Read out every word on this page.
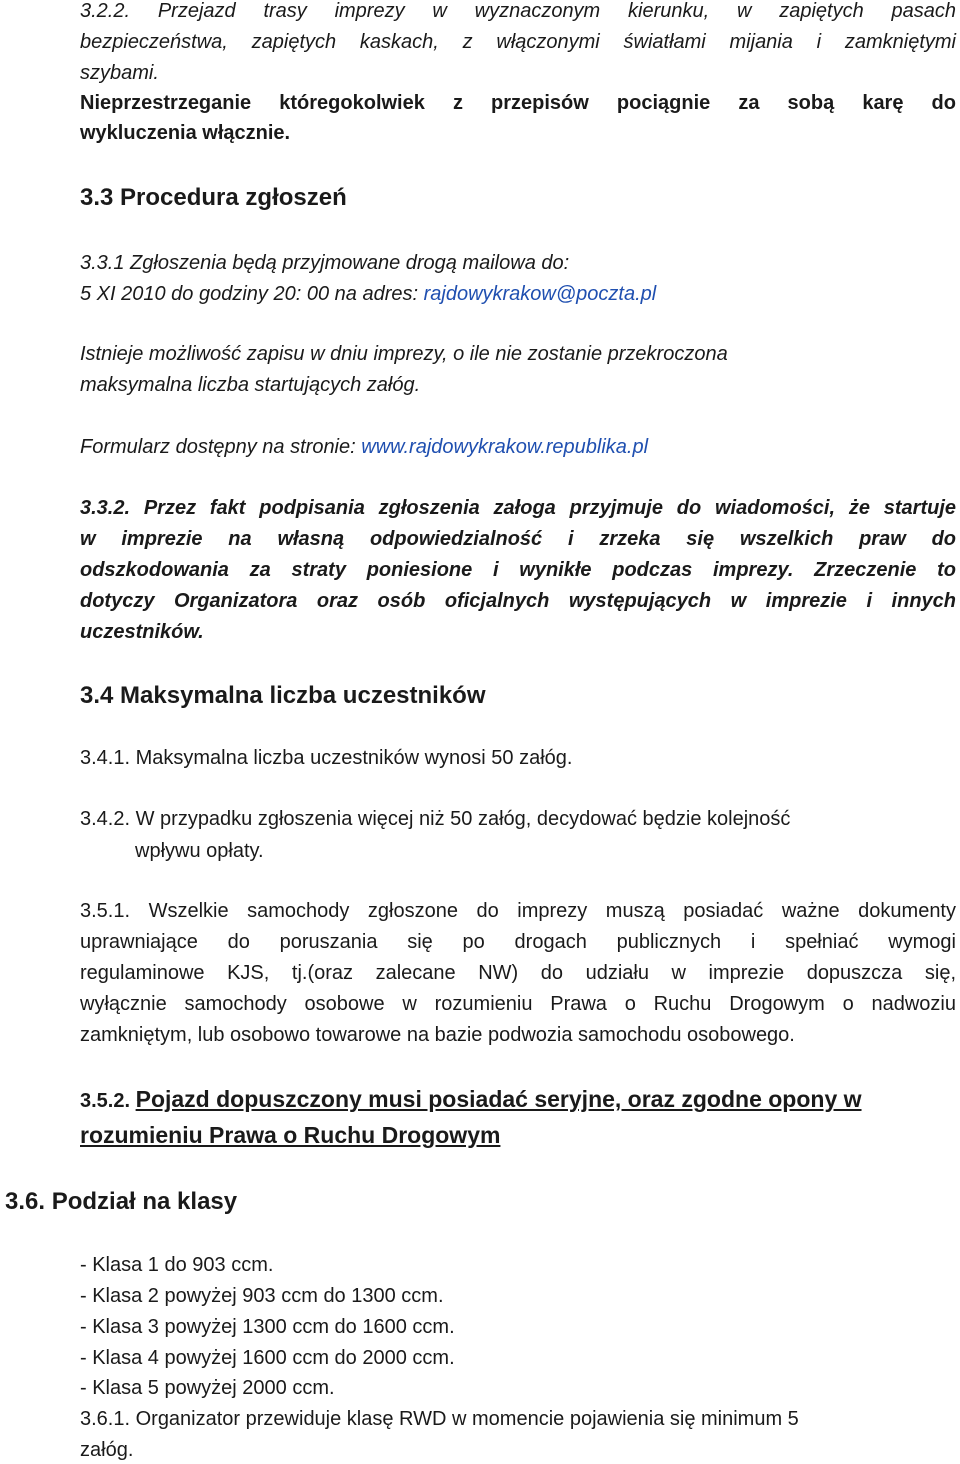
3.2.2. Przejazd trasy imprezy w wyznaczonym kierunku, w zapiętych pasach

bezpieczeństwa, zapiętych kaskach, z włączonymi światłami mijania i zamkniętymi

szybami.

Nieprzestrzeganie któregokolwiek z przepisów pociągnie za sobą karę do

wykluczenia włącznie.

3.3 Procedura zgłoszeń

3.3.1 Zgłoszenia będą przyjmowane drogą mailowa do:

5 XI 2010 do godziny 20: 00 na adres: rajdowykrakow@poczta.pl

Istnieje możliwość zapisu w dniu imprezy, o ile nie zostanie przekroczona

maksymalna liczba startujących załóg.

Formularz dostępny na stronie: www.rajdowykrakow.republika.pl

3.3.2. Przez fakt podpisania zgłoszenia załoga przyjmuje do wiadomości, że startuje

w imprezie na własną odpowiedzialność i zrzeka się wszelkich praw do

odszkodowania za straty poniesione i wynikłe podczas imprezy. Zrzeczenie to

dotyczy Organizatora oraz osób oficjalnych występujących w imprezie i innych

uczestników.

3.4 Maksymalna liczba uczestników

3.4.1. Maksymalna liczba uczestników wynosi 50 załóg.

3.4.2. W przypadku zgłoszenia więcej niż 50 załóg, decydować będzie kolejność

wpływu opłaty.

3.5.1. Wszelkie samochody zgłoszone do imprezy muszą posiadać ważne dokumenty

uprawniające do poruszania się po drogach publicznych i spełniać wymogi

regulaminowe KJS, tj.(oraz zalecane NW) do udziału w imprezie dopuszcza się,

wyłącznie samochody osobowe w rozumieniu Prawa o Ruchu Drogowym o nadwoziu

zamkniętym, lub osobowo towarowe na bazie podwozia samochodu osobowego.

3.5.2. Pojazd dopuszczony musi posiadać seryjne, oraz zgodne opony w

rozumieniu Prawa o Ruchu Drogowym

3.6. Podział na klasy

- Klasa 1 do 903 ccm.

- Klasa 2 powyżej 903 ccm do 1300 ccm.

- Klasa 3 powyżej 1300 ccm do 1600 ccm.

- Klasa 4 powyżej 1600 ccm do 2000 ccm.

- Klasa 5 powyżej 2000 ccm.

3.6.1. Organizator przewiduje klasę RWD w momencie pojawienia się minimum 5

załóg.
